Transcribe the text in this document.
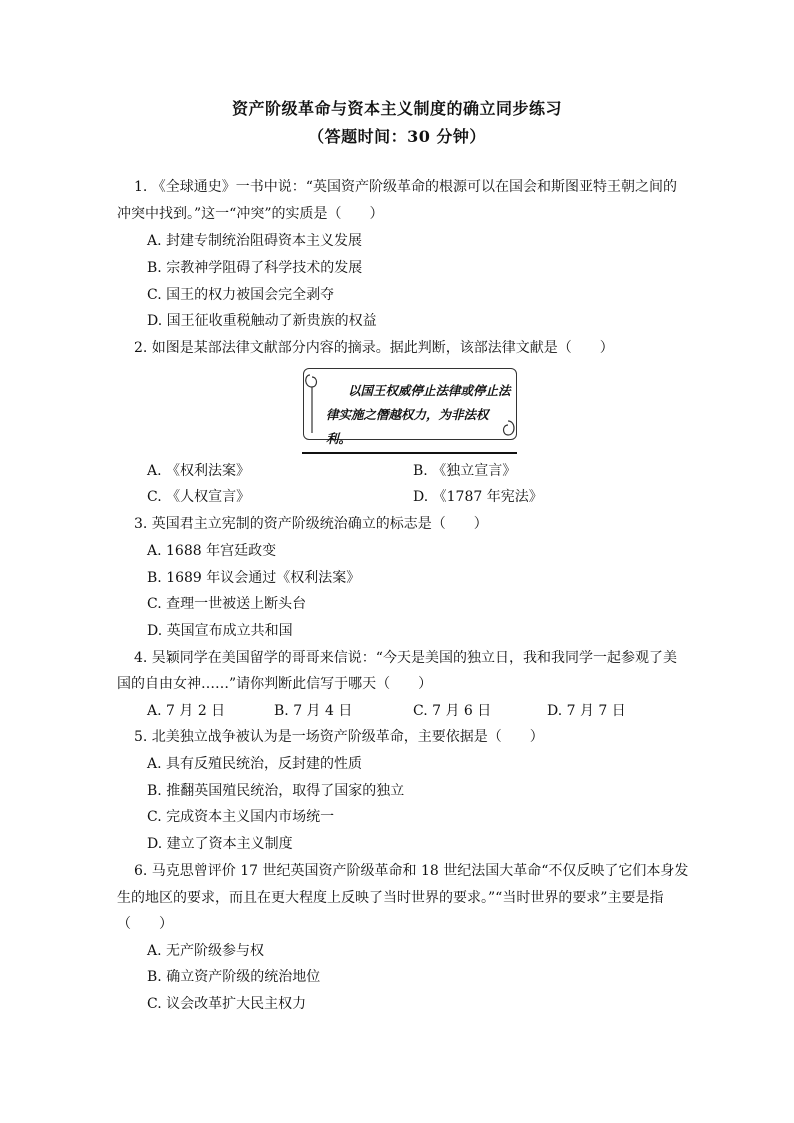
资产阶级革命与资本主义制度的确立同步练习
（答题时间：30 分钟）
1. 《全球通史》一书中说：“英国资产阶级革命的根源可以在国会和斯图亚特王朝之间的
冲突中找到。”这一“冲突”的实质是（　　）
A. 封建专制统治阻碍资本主义发展
B. 宗教神学阻碍了科学技术的发展
C. 国王的权力被国会完全剥夺
D. 国王征收重税触动了新贵族的权益
2. 如图是某部法律文献部分内容的摘录。据此判断，该部法律文献是（　　）
以国王权威停止法律或停止法律实施之僭越权力，为非法权利。
A. 《权利法案》	B. 《独立宣言》
C. 《人权宣言》	D. 《1787 年宪法》
3. 英国君主立宪制的资产阶级统治确立的标志是（　　）
A. 1688 年宫廷政变
B. 1689 年议会通过《权利法案》
C. 查理一世被送上断头台
D. 英国宣布成立共和国
4. 吴颖同学在美国留学的哥哥来信说：“今天是美国的独立日，我和我同学一起参观了美
国的自由女神……”请你判断此信写于哪天（　　）
A. 7 月 2 日	B. 7 月 4 日	C. 7 月 6 日	D. 7 月 7 日
5. 北美独立战争被认为是一场资产阶级革命，主要依据是（　　）
A. 具有反殖民统治，反封建的性质
B. 推翻英国殖民统治，取得了国家的独立
C. 完成资本主义国内市场统一
D. 建立了资本主义制度
6. 马克思曾评价 17 世纪英国资产阶级革命和 18 世纪法国大革命“不仅反映了它们本身发
生的地区的要求，而且在更大程度上反映了当时世界的要求。”“当时世界的要求”主要是指
（　　）
A. 无产阶级参与权
B. 确立资产阶级的统治地位
C. 议会改革扩大民主权力
